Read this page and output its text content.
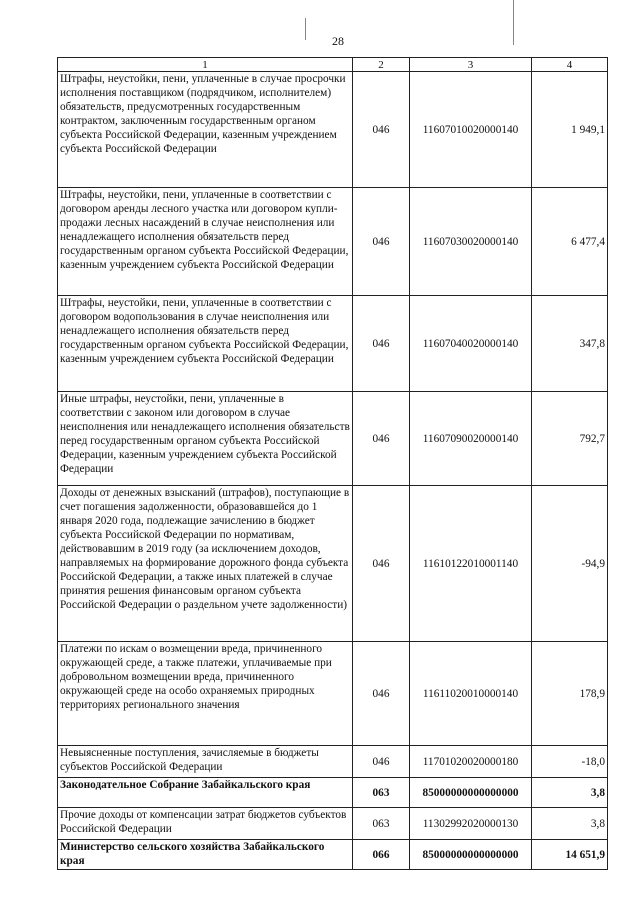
28
1	2	3	4
Штрафы, неустойки, пени, уплаченные в случае просрочки исполнения поставщиком (подрядчиком, исполнителем) обязательств, предусмотренных государственным контрактом, заключенным государственным органом субъекта Российской Федерации, казенным учреждением субъекта Российской Федерации	046	11607010020000140	1 949,1
Штрафы, неустойки, пени, уплаченные в соответствии с договором аренды лесного участка или договором купли-продажи лесных насаждений в случае неисполнения или ненадлежащего исполнения обязательств перед государственным органом субъекта Российской Федерации, казенным учреждением субъекта Российской Федерации	046	11607030020000140	6 477,4
Штрафы, неустойки, пени, уплаченные в соответствии с договором водопользования в случае неисполнения или ненадлежащего исполнения обязательств перед государственным органом субъекта Российской Федерации, казенным учреждением субъекта Российской Федерации	046	11607040020000140	347,8
Иные штрафы, неустойки, пени, уплаченные в соответствии с законом или договором в случае неисполнения или ненадлежащего исполнения обязательств перед государственным органом субъекта Российской Федерации, казенным учреждением субъекта Российской Федерации	046	11607090020000140	792,7
Доходы от денежных взысканий (штрафов), поступающие в счет погашения задолженности, образовавшейся до 1 января 2020 года, подлежащие зачислению в бюджет субъекта Российской Федерации по нормативам, действовавшим в 2019 году (за исключением доходов, направляемых на формирование дорожного фонда субъекта Российской Федерации, а также иных платежей в случае принятия решения финансовым органом субъекта Российской Федерации о раздельном учете задолженности)	046	11610122010001140	-94,9
Платежи по искам о возмещении вреда, причиненного окружающей среде, а также платежи, уплачиваемые при добровольном возмещении вреда, причиненного окружающей среде на особо охраняемых природных территориях регионального значения	046	11611020010000140	178,9
Невыясненные поступления, зачисляемые в бюджеты субъектов Российской Федерации	046	11701020020000180	-18,0
Законодательное Собрание Забайкальского края	063	85000000000000000	3,8
Прочие доходы от компенсации затрат бюджетов субъектов Российской Федерации	063	11302992020000130	3,8
Министерство сельского хозяйства Забайкальского края	066	85000000000000000	14 651,9
